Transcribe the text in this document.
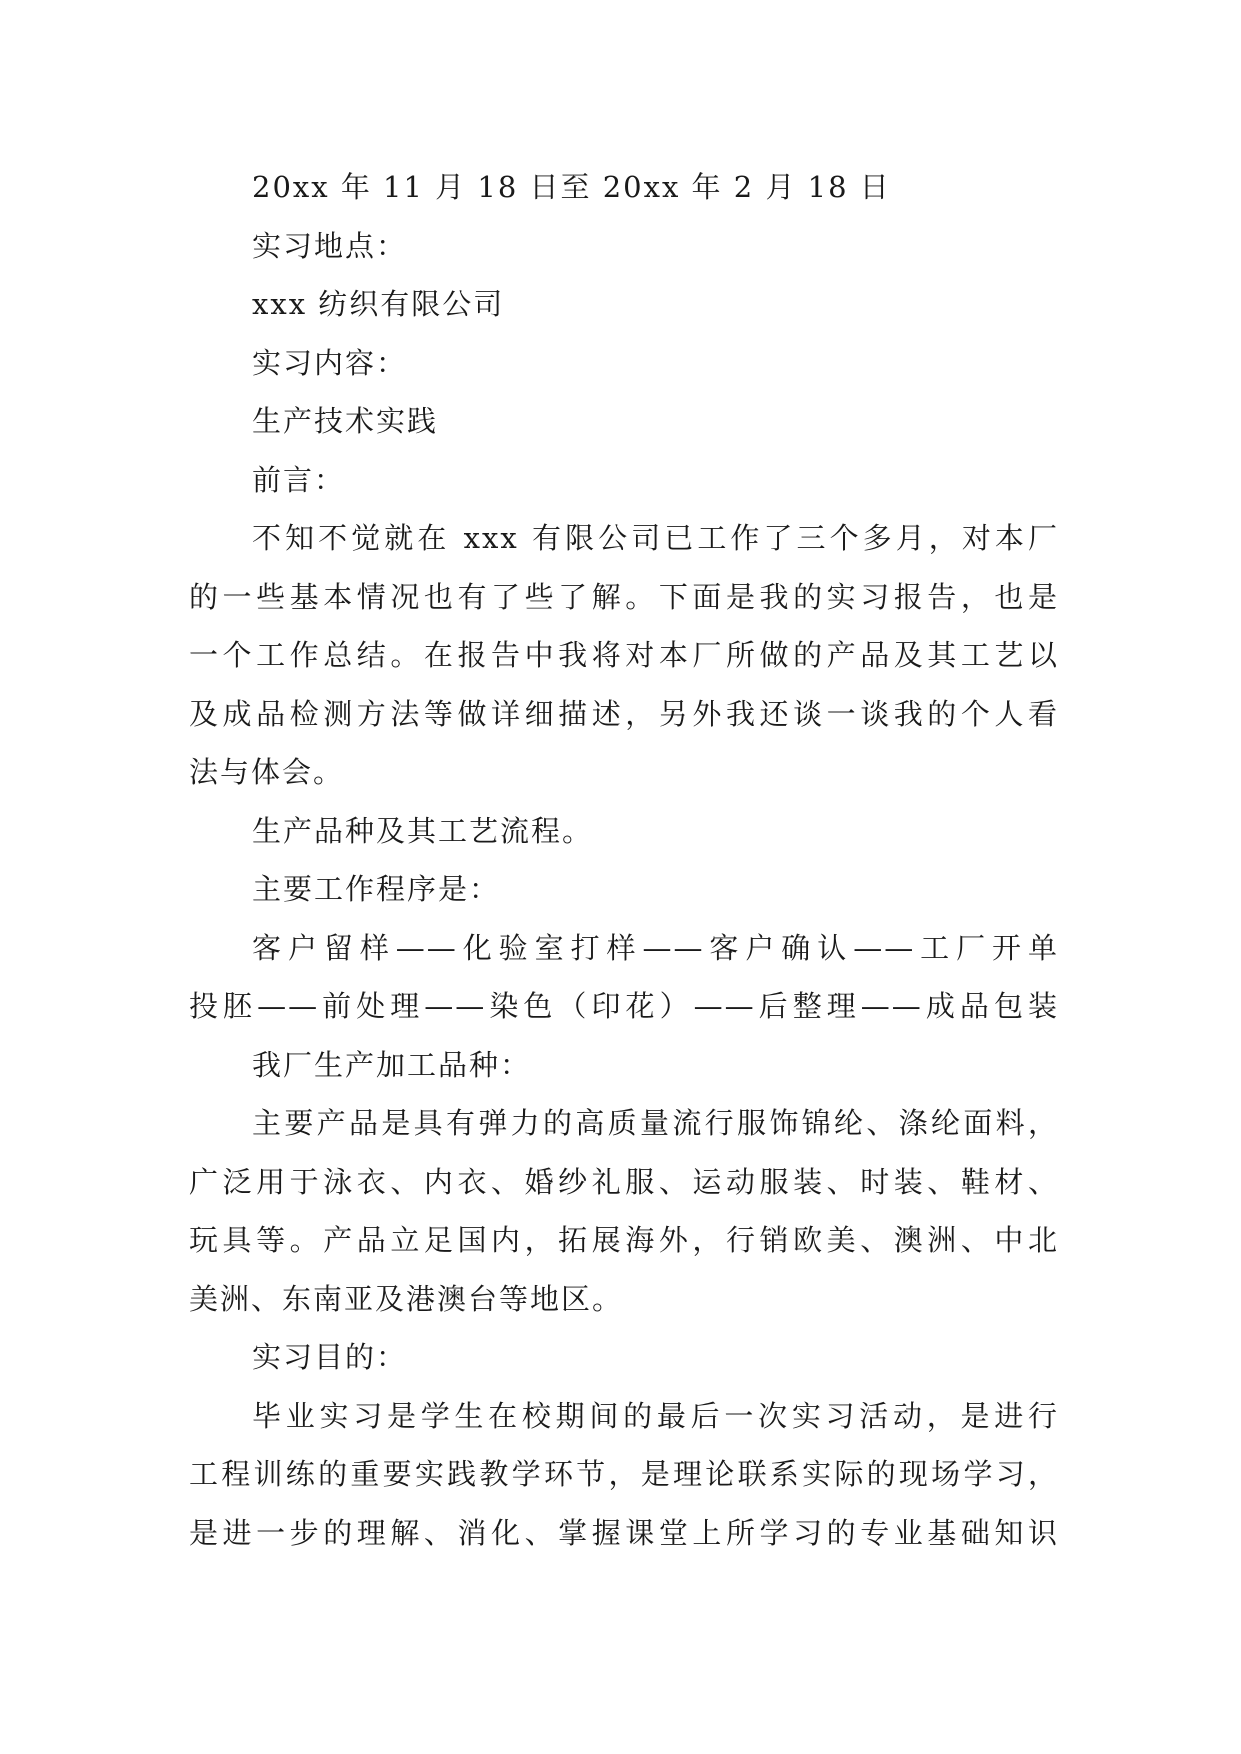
20xx 年 11 月 18 日至 20xx 年 2 月 18 日
实习地点：
xxx 纺织有限公司
实习内容：
生产技术实践
前言：
不知不觉就在 xxx 有限公司已工作了三个多月，对本厂
的一些基本情况也有了些了解。下面是我的实习报告，也是
一个工作总结。在报告中我将对本厂所做的产品及其工艺以
及成品检测方法等做详细描述，另外我还谈一谈我的个人看
法与体会。
生产品种及其工艺流程。
主要工作程序是：
客户留样——化验室打样——客户确认——工厂开单
投胚——前处理——染色（印花）——后整理——成品包装
我厂生产加工品种：
主要产品是具有弹力的高质量流行服饰锦纶、涤纶面料，
广泛用于泳衣、内衣、婚纱礼服、运动服装、时装、鞋材、
玩具等。产品立足国内，拓展海外，行销欧美、澳洲、中北
美洲、东南亚及港澳台等地区。
实习目的：
毕业实习是学生在校期间的最后一次实习活动，是进行
工程训练的重要实践教学环节，是理论联系实际的现场学习，
是进一步的理解、消化、掌握课堂上所学习的专业基础知识
